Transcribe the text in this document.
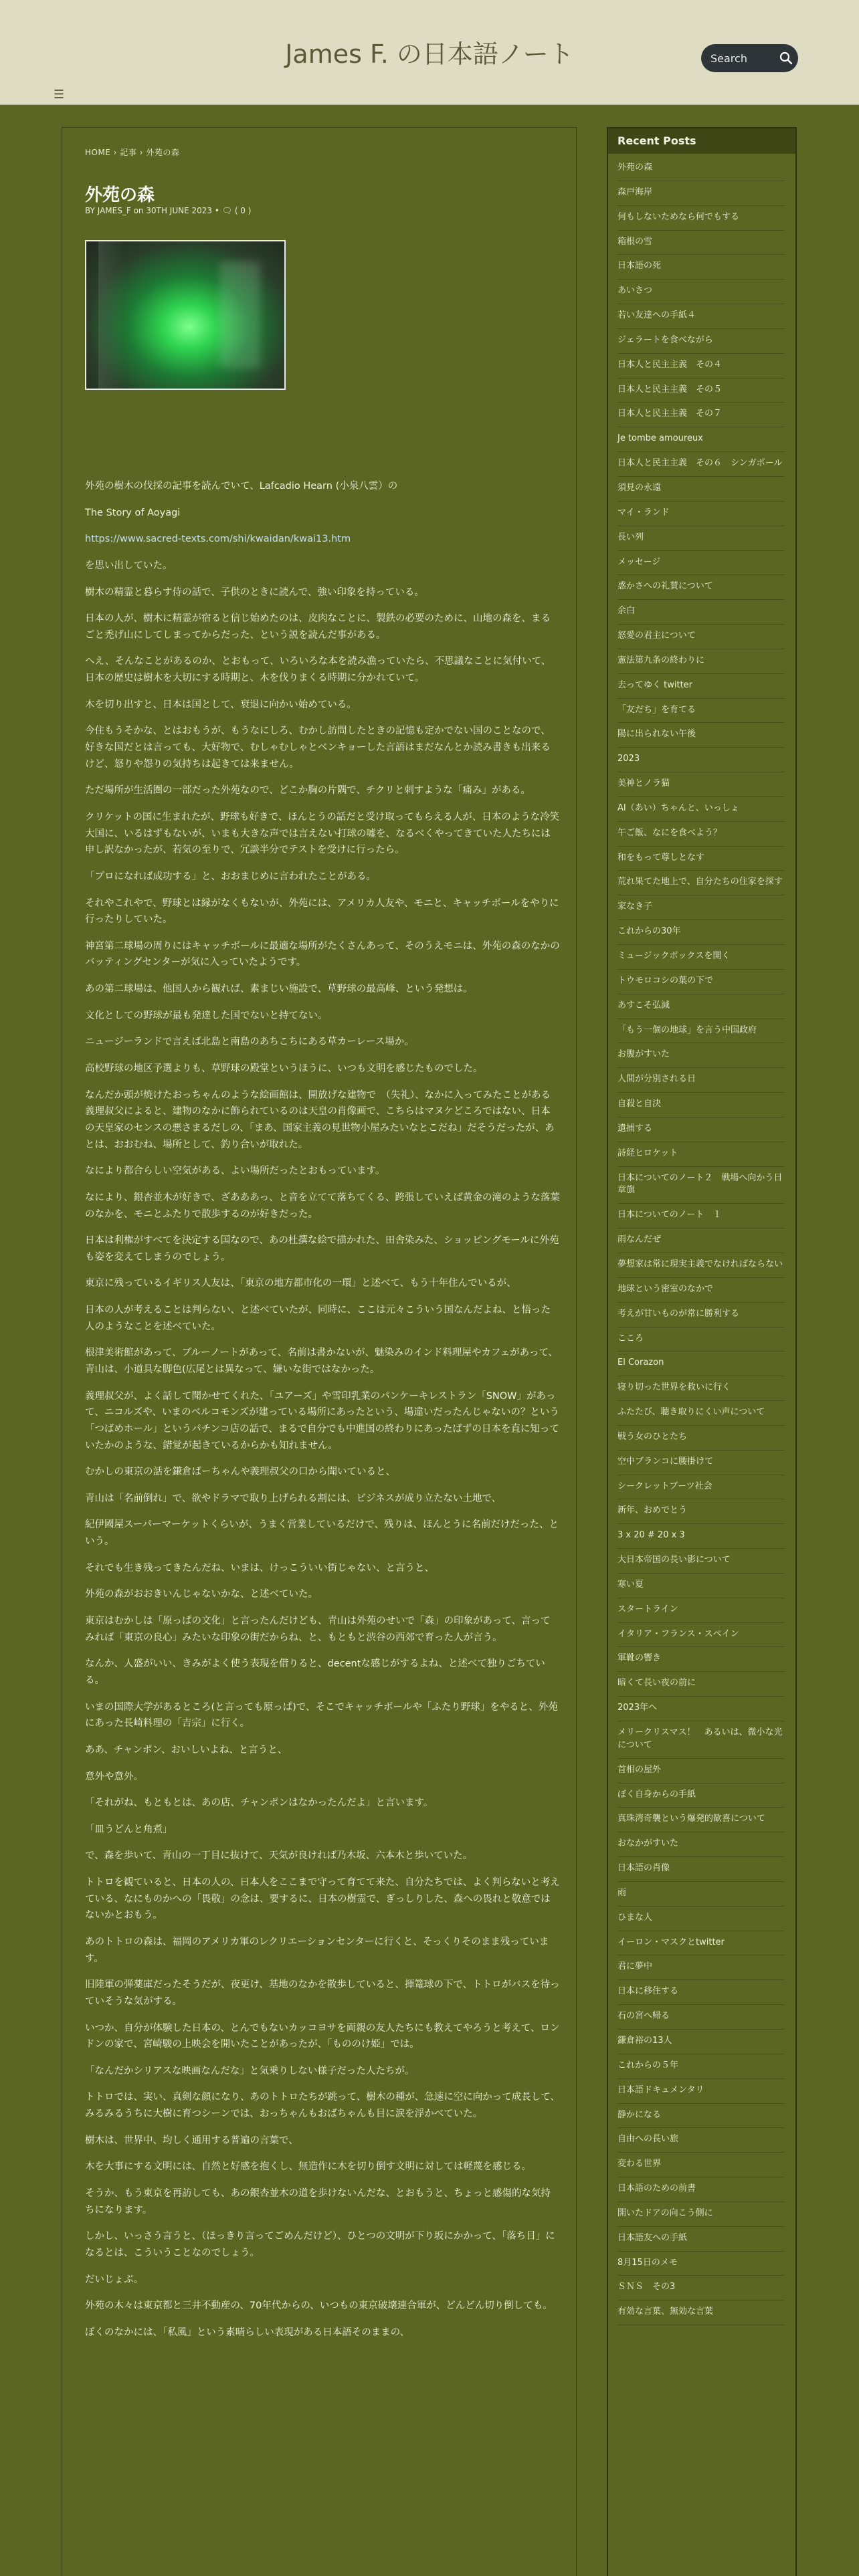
James F. の日本語ノート
Search
☰
HOME › 記事 › 外苑の森
外苑の森
BY JAMES_F on 30TH JUNE 2023 • 🗨 ( 0 )

外苑の樹木の伐採の記事を読んでいて、Lafcadio Hearn (小泉八雲）の

The Story of Aoyagi

https://www.sacred-texts.com/shi/kwaidan/kwai13.htm

を思い出していた。

樹木の精霊と暮らす侍の話で、子供のときに読んで、強い印象を持っている。

日本の人が、樹木に精霊が宿ると信じ始めたのは、皮肉なことに、製鉄の必要のために、山地の森を、まるごと禿げ山にしてしまってからだった、という説を読んだ事がある。

へえ、そんなことがあるのか、とおもって、いろいろな本を読み漁っていたら、不思議なことに気付いて、日本の歴史は樹木を大切にする時期と、木を伐りまくる時期に分かれていて。

木を切り出すと、日本は国として、衰退に向かい始めている。

今住もうそかな、とはおもうが、もうなにしろ、むかし訪問したときの記憶も定かでない国のことなので、好きな国だとは言っても、大好物で、むしゃむしゃとベンキョーした言語はまだなんとか読み書きも出来るけど、怒りや怨りの気持ちは起きては来ません。

ただ場所が生活圏の一部だった外苑なので、どこか胸の片隅で、チクリと刺すような「痛み」がある。

クリケットの国に生まれたが、野球も好きで、ほんとうの話だと受け取ってもらえる人が、日本のような冷笑大国に、いるはずもないが、いまも大きな声では言えない打球の嘘を、なるべくやってきていた人たちには申し訳なかったが、若気の至りで、冗談半分でテストを受けに行ったら。

「プロになれば成功する」と、おおまじめに言われたことがある。

それやこれやで、野球とは縁がなくもないが、外苑には、アメリカ人友や、モニと、キャッチボールをやりに行ったりしていた。

神宮第二球場の周りにはキャッチボールに最適な場所がたくさんあって、そのうえモニは、外苑の森のなかのバッティングセンターが気に入っていたようです。

あの第二球場は、他国人から観れば、素まじい施設で、草野球の最高峰、という発想は。

文化としての野球が最も発達した国でないと持てない。

ニュージーランドで言えば北島と南島のあちこちにある草カーレース場か。

高校野球の地区予選よりも、草野球の殿堂というほうに、いつも文明を感じたものでした。

なんだか頭が焼けたおっちゃんのような絵画館は、開放げな建物で　（失礼）、なかに入ってみたことがある義理叔父によると、建物のなかに飾られているのは天皇の肖像画で、こちらはマヌケどころではない、日本の天皇家のセンスの悪さまるだしの、「まあ、国家主義の見世物小屋みたいなとこだね」だそうだったが、あとは、おおむね、場所として、釣り合いが取れた。

なにより都合らしい空気がある、よい場所だったとおもっています。

なにより、銀杏並木が好きで、ざあああっ、と音を立てて落ちてくる、跨張していえば黄金の滝のような落葉のなかを、モニとふたりで散歩するのが好きだった。

日本は利権がすべてを決定する国なので、あの杜撰な絵で描かれた、田舎染みた、ショッピングモールに外苑も姿を変えてしまうのでしょう。

東京に残っているイギリス人友は、「東京の地方都市化の一環」と述べて、もう十年住んでいるが、

日本の人が考えることは判らない、と述べていたが、同時に、ここは元々こういう国なんだよね、と悟った人のようなことを述べていた。

根津美術館があって、ブルーノートがあって、名前は書かないが、魅染みのインド料理屋やカフェがあって、青山は、小道具な脚色(広尾とは異なって、嫌いな街ではなかった。

義理叔父が、よく話して聞かせてくれた、「ユアーズ」や雪印乳業のパンケーキレストラン「SNOW」があって、ニコルズや、いまのベルコモンズが建っている場所にあったという、場違いだったんじゃないの？という「つばめホール」というパチンコ店の話で、まるで自分でも中進国の終わりにあったばずの日本を直に知っていたかのような、錯覚が起きているからかも知れません。

むかしの東京の話を鎌倉ばーちゃんや義理叔父の口から聞いていると、

青山は「名前倒れ」で、欲やドラマで取り上げられる割には、ビジネスが成り立たない土地で、

紀伊國屋スーパーマーケットくらいが、うまく営業しているだけで、残りは、ほんとうに名前だけだった、という。

それでも生き残ってきたんだね、いまは、けっこういい街じゃない、と言うと、

外苑の森がおおきいんじゃないかな、と述べていた。

東京はむかしは「原っぱの文化」と言ったんだけども、青山は外苑のせいで「森」の印象があって、言ってみれば「東京の良心」みたいな印象の街だからね、と、もともと渋谷の西郊で育った人が言う。

なんか、人盛がいい、きみがよく使う表現を借りると、decentな感じがするよね、と述べて独りごちている。

いまの国際大学があるところ(と言っても原っぱ)で、そこでキャッチボールや「ふたり野球」をやると、外苑にあった長崎料理の「吉宗」に行く。

ああ、チャンポン、おいしいよね、と言うと、

意外や意外。

「それがね、もともとは、あの店、チャンポンはなかったんだよ」と言います。

「皿うどんと角煮」

で、森を歩いて、青山の一丁目に抜けて、天気が良ければ乃木坂、六本木と歩いていた。

トトロを観ていると、日本の人の、日本人をここまで守って育てて来た、自分たちでは、よく判らないと考えている、なにものかへの「畏敬」の念は、要するに、日本の樹霊で、ぎっしりした、森への畏れと敬意ではないかとおもう。

あのトトロの森は、福岡のアメリカ軍のレクリエーションセンターに行くと、そっくりそのまま残っています。

旧陸軍の弾薬庫だったそうだが、夜更け、基地のなかを散歩していると、揮篭球の下で、トトロがバスを待っていそうな気がする。

いつか、自分が体験した日本の、とんでもないカッコヨサを両親の友人たちにも教えてやろうと考えて、ロンドンの家で、宮崎駿の上映会を開いたことがあったが、「もののけ姫」では。

「なんだかシリアスな映画なんだな」と気乗りしない様子だった人たちが。

トトロでは、実い、真剣な顔になり、あのトトロたちが跳って、樹木の種が、急速に空に向かって成長して、みるみるうちに大樹に育つシーンでは、おっちゃんもおばちゃんも目に涙を浮かべていた。

樹木は、世界中、均しく通用する普遍の言葉で、

木を大事にする文明には、自然と好感を抱くし、無造作に木を切り倒す文明に対しては軽蔑を感じる。

そうか、もう東京を再訪しても、あの銀杏並木の道を歩けないんだな、とおもうと、ちょっと感傷的な気持ちになります。

しかし、いっさう言うと、（ほっきり言ってごめんだけど）、ひとつの文明が下り坂にかかって、「落ち目」になるとは、こういうことなのでしょう。

だいじょぶ。

外苑の木々は東京都と三井不動産の、70年代からの、いつもの東京破壊連合軍が、どんどん切り倒しても。

ぼくのなかには、「私風」という素晴らしい表現がある日本語そのままの、

Recent Posts
外苑の森
森戸海岸
何もしないためなら何でもする
箱根の雪
日本語の死
あいさつ
若い友達への手紙４
ジェラートを食べながら
日本人と民主主義　その４
日本人と民主主義　その５
日本人と民主主義　その７
Je tombe amoureux
日本人と民主主義　その６　シンガポール
須見の永遠
マイ・ランド
長い列
メッセージ
惑かさへの礼賛について
余白
怒愛の君主について
憲法第九条の終わりに
去ってゆく twitter
「友だち」を育てる
陽に出られない午後
2023
美神とノラ猫
AI（あい）ちゃんと、いっしょ
午ご飯、なにを食べよう？
和をもって尊しとなす
荒れ果てた地上で、自分たちの住家を探す
家なき子
これからの30年
ミュージックボックスを開く
トウモロコシの葉の下で
あすこそ弘減
「もう一個の地球」を言う中国政府
お腹がすいた
人間が分別される日
自殺と自決
遺捕する
詩経ヒロケット
日本についてのノート２　戦場へ向かう日章旗
日本についてのノート　１
雨なんだぜ
夢想家は常に現実主義でなければならない
地球という密室のなかで
考えが甘いものが常に勝利する
こころ
El Corazon
寝り切った世界を救いに行く
ふたたび、聴き取りにくい声について
戦う女のひとたち
空中ブランコに腰掛けて
シークレットブーツ社会
新年、おめでとう
3 x 20 # 20 x 3
大日本帝国の長い影について
寒い夏
スタートライン
イタリア・フランス・スペイン
軍靴の響き
暗くて長い夜の前に
2023年へ
メリークリスマス！　あるいは、微小な光について
首相の屋外
ぼく自身からの手紙
真珠湾奇襲という爆発的歓喜について
おなかがすいた
日本語の肖像
雨
ひまな人
イーロン・マスクとtwitter
君に夢中
日本に移住する
石の宮へ帰る
鎌倉裕の13人
これからの５年
日本語ドキュメンタリ
静かになる
自由への長い旅
変わる世界
日本語のための前書
開いたドアの向こう側に
日本語友への手紙
8月15日のメモ
ＳＮＳ　その3
有効な言葉、無効な言葉
